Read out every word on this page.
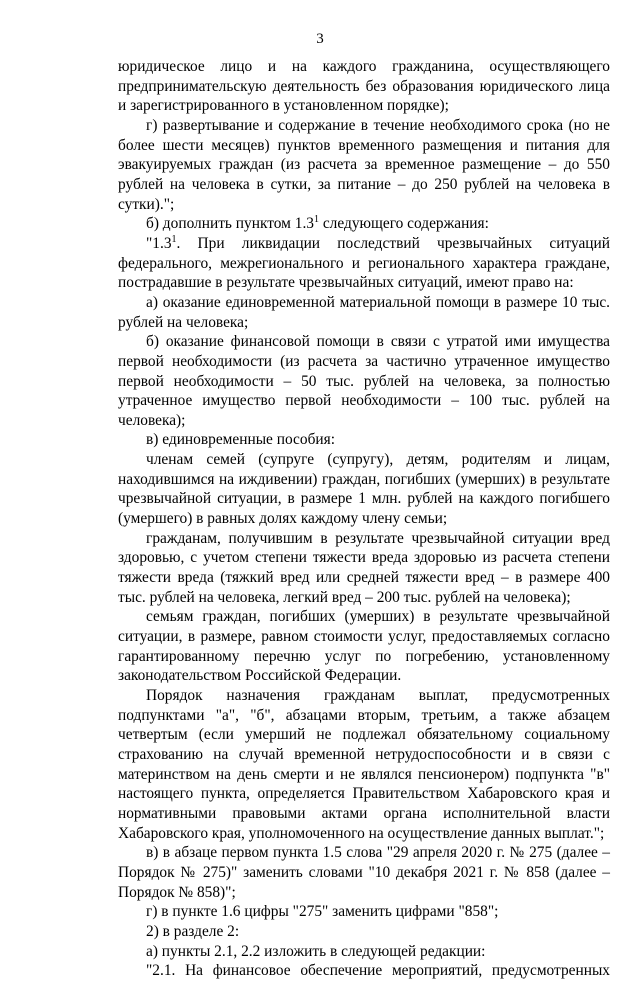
3

юридическое лицо и на каждого гражданина, осуществляющего предпринимательскую деятельность без образования юридического лица и зарегистрированного в установленном порядке);

г) развертывание и содержание в течение необходимого срока (но не более шести месяцев) пунктов временного размещения и питания для эвакуируемых граждан (из расчета за временное размещение – до 550 рублей на человека в сутки, за питание – до 250 рублей на человека в сутки).";

б) дополнить пунктом $1.3^1$ следующего содержания:

"$1.3^1$. При ликвидации последствий чрезвычайных ситуаций федерального, межрегионального и регионального характера граждане, пострадавшие в результате чрезвычайных ситуаций, имеют право на:

а) оказание единовременной материальной помощи в размере 10 тыс. рублей на человека;

б) оказание финансовой помощи в связи с утратой ими имущества первой необходимости (из расчета за частично утраченное имущество первой необходимости – 50 тыс. рублей на человека, за полностью утраченное имущество первой необходимости – 100 тыс. рублей на человека);

в) единовременные пособия:

членам семей (супруге (супругу), детям, родителям и лицам, находившимся на иждивении) граждан, погибших (умерших) в результате чрезвычайной ситуации, в размере 1 млн. рублей на каждого погибшего (умершего) в равных долях каждому члену семьи;

гражданам, получившим в результате чрезвычайной ситуации вред здоровью, с учетом степени тяжести вреда здоровью из расчета степени тяжести вреда (тяжкий вред или средней тяжести вред – в размере 400 тыс. рублей на человека, легкий вред – 200 тыс. рублей на человека);

семьям граждан, погибших (умерших) в результате чрезвычайной ситуации, в размере, равном стоимости услуг, предоставляемых согласно гарантированному перечню услуг по погребению, установленному законодательством Российской Федерации.

Порядок назначения гражданам выплат, предусмотренных подпунктами "а", "б", абзацами вторым, третьим, а также абзацем четвертым (если умерший не подлежал обязательному социальному страхованию на случай временной нетрудоспособности и в связи с материнством на день смерти и не являлся пенсионером) подпункта "в" настоящего пункта, определяется Правительством Хабаровского края и нормативными правовыми актами органа исполнительной власти Хабаровского края, уполномоченного на осуществление данных выплат.";

в) в абзаце первом пункта 1.5 слова "29 апреля 2020 г. № 275 (далее – Порядок № 275)" заменить словами "10 декабря 2021 г. № 858 (далее – Порядок № 858)";

г) в пункте 1.6 цифры "275" заменить цифрами "858";

2) в разделе 2:

а) пункты 2.1, 2.2 изложить в следующей редакции:

"2.1. На финансовое обеспечение мероприятий, предусмотренных
